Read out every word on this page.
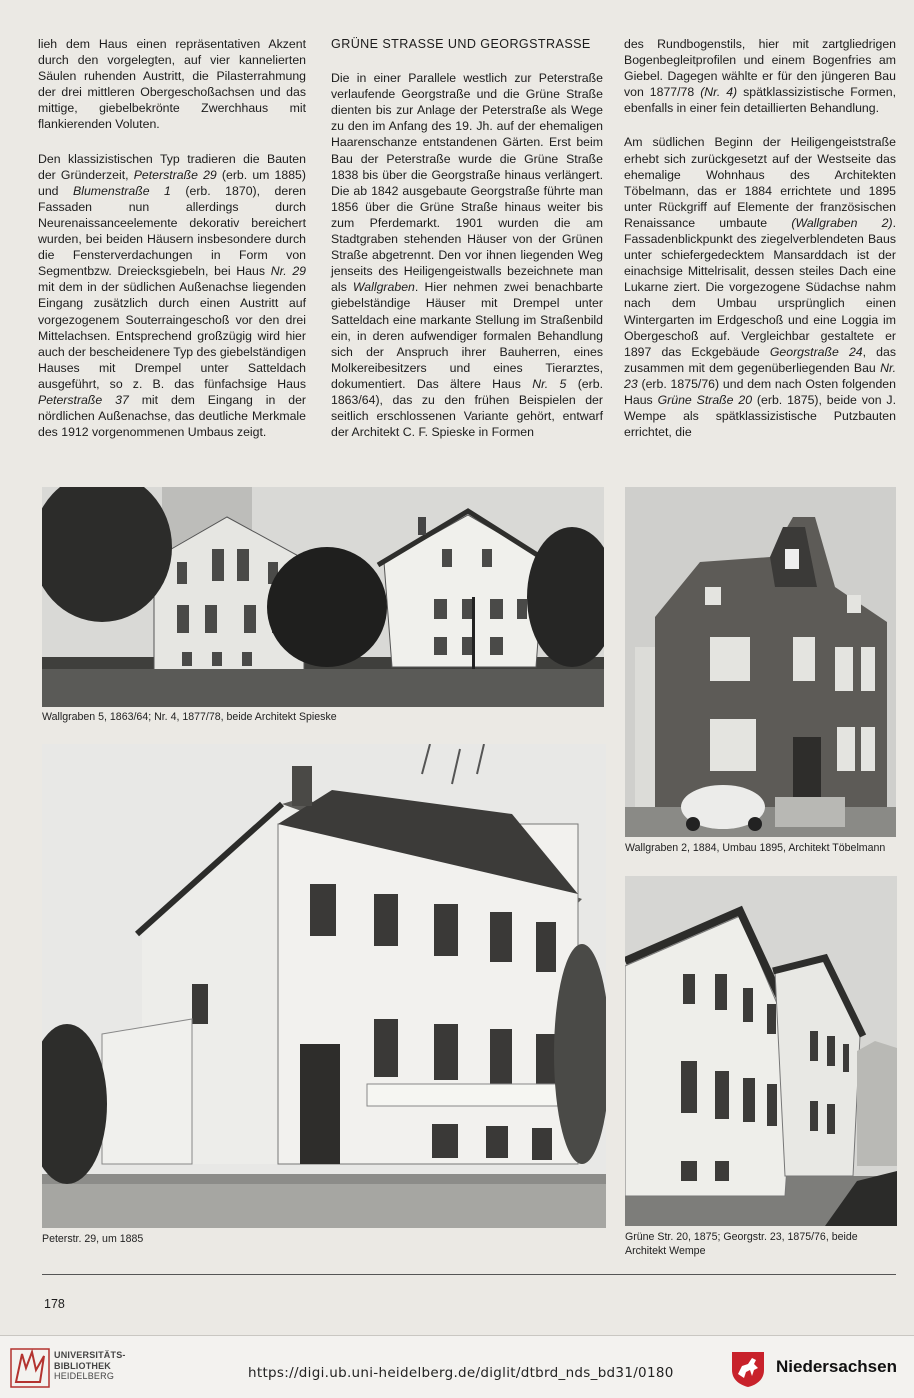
lieh dem Haus einen repräsentativen Akzent durch den vorgelegten, auf vier kannelierten Säulen ruhenden Austritt, die Pilasterrahmung der drei mittleren Obergeschoßachsen und das mittige, giebelbekrönte Zwerchhaus mit flankierenden Voluten.

Den klassizistischen Typ tradieren die Bauten der Gründerzeit, Peterstraße 29 (erb. um 1885) und Blumenstraße 1 (erb. 1870), deren Fassaden nun allerdings durch Neurenaissanceelemente dekorativ bereichert wurden, bei beiden Häusern insbesondere durch die Fensterverdachungen in Form von Segmentbzw. Dreiecksgiebeln, bei Haus Nr. 29 mit dem in der südlichen Außenachse liegenden Eingang zusätzlich durch einen Austritt auf vorgezogenem Souterraingeschoß vor den drei Mittelachsen. Entsprechend großzügig wird hier auch der bescheidenere Typ des giebelständigen Hauses mit Drempel unter Satteldach ausgeführt, so z. B. das fünfachsige Haus Peterstraße 37 mit dem Eingang in der nördlichen Außenachse, das deutliche Merkmale des 1912 vorgenommenen Umbaus zeigt.

GRÜNE STRASSE UND GEORGSTRASSE

Die in einer Parallele westlich zur Peterstraße verlaufende Georgstraße und die Grüne Straße dienten bis zur Anlage der Peterstraße als Wege zu den im Anfang des 19. Jh. auf der ehemaligen Haarenschanze entstandenen Gärten. Erst beim Bau der Peterstraße wurde die Grüne Straße 1838 bis über die Georgstraße hinaus verlängert. Die ab 1842 ausgebaute Georgstraße führte man 1856 über die Grüne Straße hinaus weiter bis zum Pferdemarkt. 1901 wurden die am Stadtgraben stehenden Häuser von der Grünen Straße abgetrennt. Den vor ihnen liegenden Weg jenseits des Heiligengeistwalls bezeichnete man als Wallgraben. Hier nehmen zwei benachbarte giebelständige Häuser mit Drempel unter Satteldach eine markante Stellung im Straßenbild ein, in deren aufwendiger formalen Behandlung sich der Anspruch ihrer Bauherren, eines Molkereibesitzers und eines Tierarztes, dokumentiert. Das ältere Haus Nr. 5 (erb. 1863/64), das zu den frühen Beispielen der seitlich erschlossenen Variante gehört, entwarf der Architekt C. F. Spieske in Formen

des Rundbogenstils, hier mit zartgliedrigen Bogenbegleitprofilen und einem Bogenfries am Giebel. Dagegen wählte er für den jüngeren Bau von 1877/78 (Nr. 4) spätklassizistische Formen, ebenfalls in einer fein detaillierten Behandlung.

Am südlichen Beginn der Heiligengeiststraße erhebt sich zurückgesetzt auf der Westseite das ehemalige Wohnhaus des Architekten Töbelmann, das er 1884 errichtete und 1895 unter Rückgriff auf Elemente der französischen Renaissance umbaute (Wallgraben 2). Fassadenblickpunkt des ziegelverblendeten Baus unter schiefergedecktem Mansarddach ist der einachsige Mittelrisalit, dessen steiles Dach eine Lukarne ziert. Die vorgezogene Südachse nahm nach dem Umbau ursprünglich einen Wintergarten im Erdgeschoß und eine Loggia im Obergeschoß auf. Vergleichbar gestaltete er 1897 das Eckgebäude Georgstraße 24, das zusammen mit dem gegenüberliegenden Bau Nr. 23 (erb. 1875/76) und dem nach Osten folgenden Haus Grüne Straße 20 (erb. 1875), beide von J. Wempe als spätklassizistische Putzbauten errichtet, die

Wallgraben 5, 1863/64; Nr. 4, 1877/78, beide Architekt Spieske
Wallgraben 2, 1884, Umbau 1895, Architekt Töbelmann
Peterstr. 29, um 1885	Grüne Str. 20, 1875; Georgstr. 23, 1875/76, beide Architekt Wempe
178
UNIVERSITÄTS-
BIBLIOTHEK
HEIDELBERG	https://digi.ub.uni-heidelberg.de/diglit/dtbrd_nds_bd31/0180	Niedersachsen
